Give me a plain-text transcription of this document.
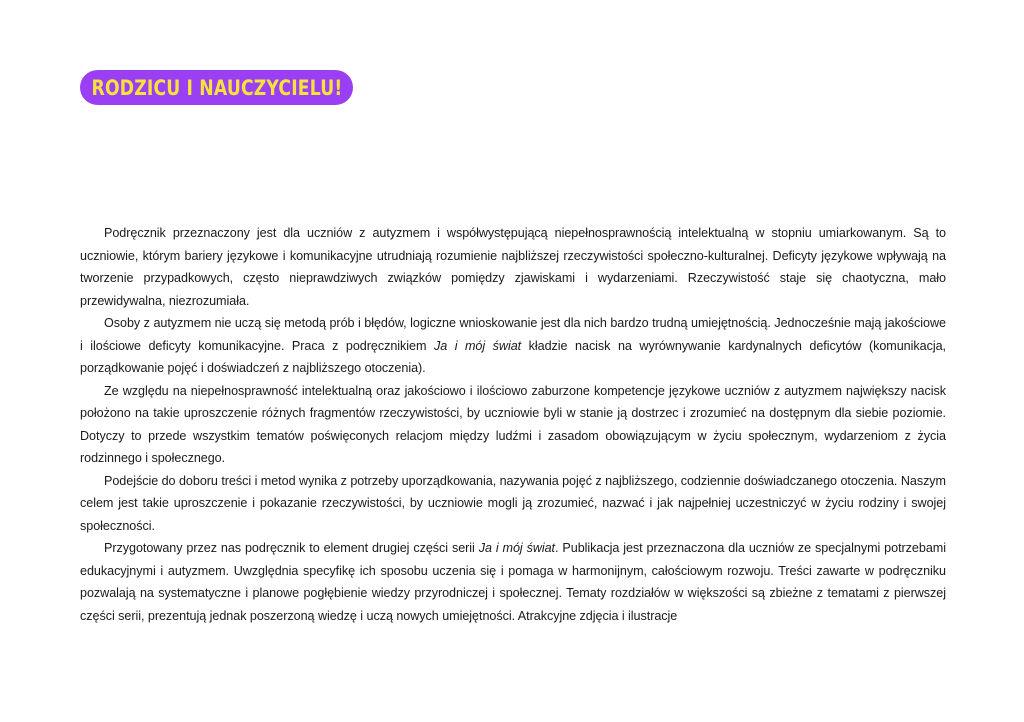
RODZICU I NAUCZYCIELU!

Podręcznik przeznaczony jest dla uczniów z autyzmem i współwystępującą niepełnosprawnością intelektualną w stopniu umiarkowanym. Są to uczniowie, którym bariery językowe i komunikacyjne utrudniają rozumienie najbliższej rzeczywistości społeczno-kulturalnej. Deficyty językowe wpływają na tworzenie przypadkowych, często nieprawdziwych związków pomiędzy zjawiskami i wydarzeniami. Rzeczywistość staje się chaotyczna, mało przewidywalna, niezrozumiała.

Osoby z autyzmem nie uczą się metodą prób i błędów, logiczne wnioskowanie jest dla nich bardzo trudną umiejętnością. Jednocześnie mają jakościowe i ilościowe deficyty komunikacyjne. Praca z podręcznikiem Ja i mój świat kładzie nacisk na wyrównywanie kardynalnych deficytów (komunikacja, porządkowanie pojęć i doświadczeń z najbliższego otoczenia).

Ze względu na niepełnosprawność intelektualną oraz jakościowo i ilościowo zaburzone kompetencje językowe uczniów z autyzmem największy nacisk położono na takie uproszczenie różnych fragmentów rzeczywistości, by uczniowie byli w stanie ją dostrzec i zrozumieć na dostępnym dla siebie poziomie. Dotyczy to przede wszystkim tematów poświęconych relacjom między ludźmi i zasadom obowiązującym w życiu społecznym, wydarzeniom z życia rodzinnego i społecznego.

Podejście do doboru treści i metod wynika z potrzeby uporządkowania, nazywania pojęć z najbliższego, codziennie doświadczanego otoczenia. Naszym celem jest takie uproszczenie i pokazanie rzeczywistości, by uczniowie mogli ją zrozumieć, nazwać i jak najpełniej uczestniczyć w życiu rodziny i swojej społeczności.

Przygotowany przez nas podręcznik to element drugiej części serii Ja i mój świat. Publikacja jest przeznaczona dla uczniów ze specjalnymi potrzebami edukacyjnymi i autyzmem. Uwzględnia specyfikę ich sposobu uczenia się i pomaga w harmonijnym, całościowym rozwoju. Treści zawarte w podręczniku pozwalają na systematyczne i planowe pogłębienie wiedzy przyrodniczej i społecznej. Tematy rozdziałów w większości są zbieżne z tematami z pierwszej części serii, prezentują jednak poszerzoną wiedzę i uczą nowych umiejętności. Atrakcyjne zdjęcia i ilustracje
